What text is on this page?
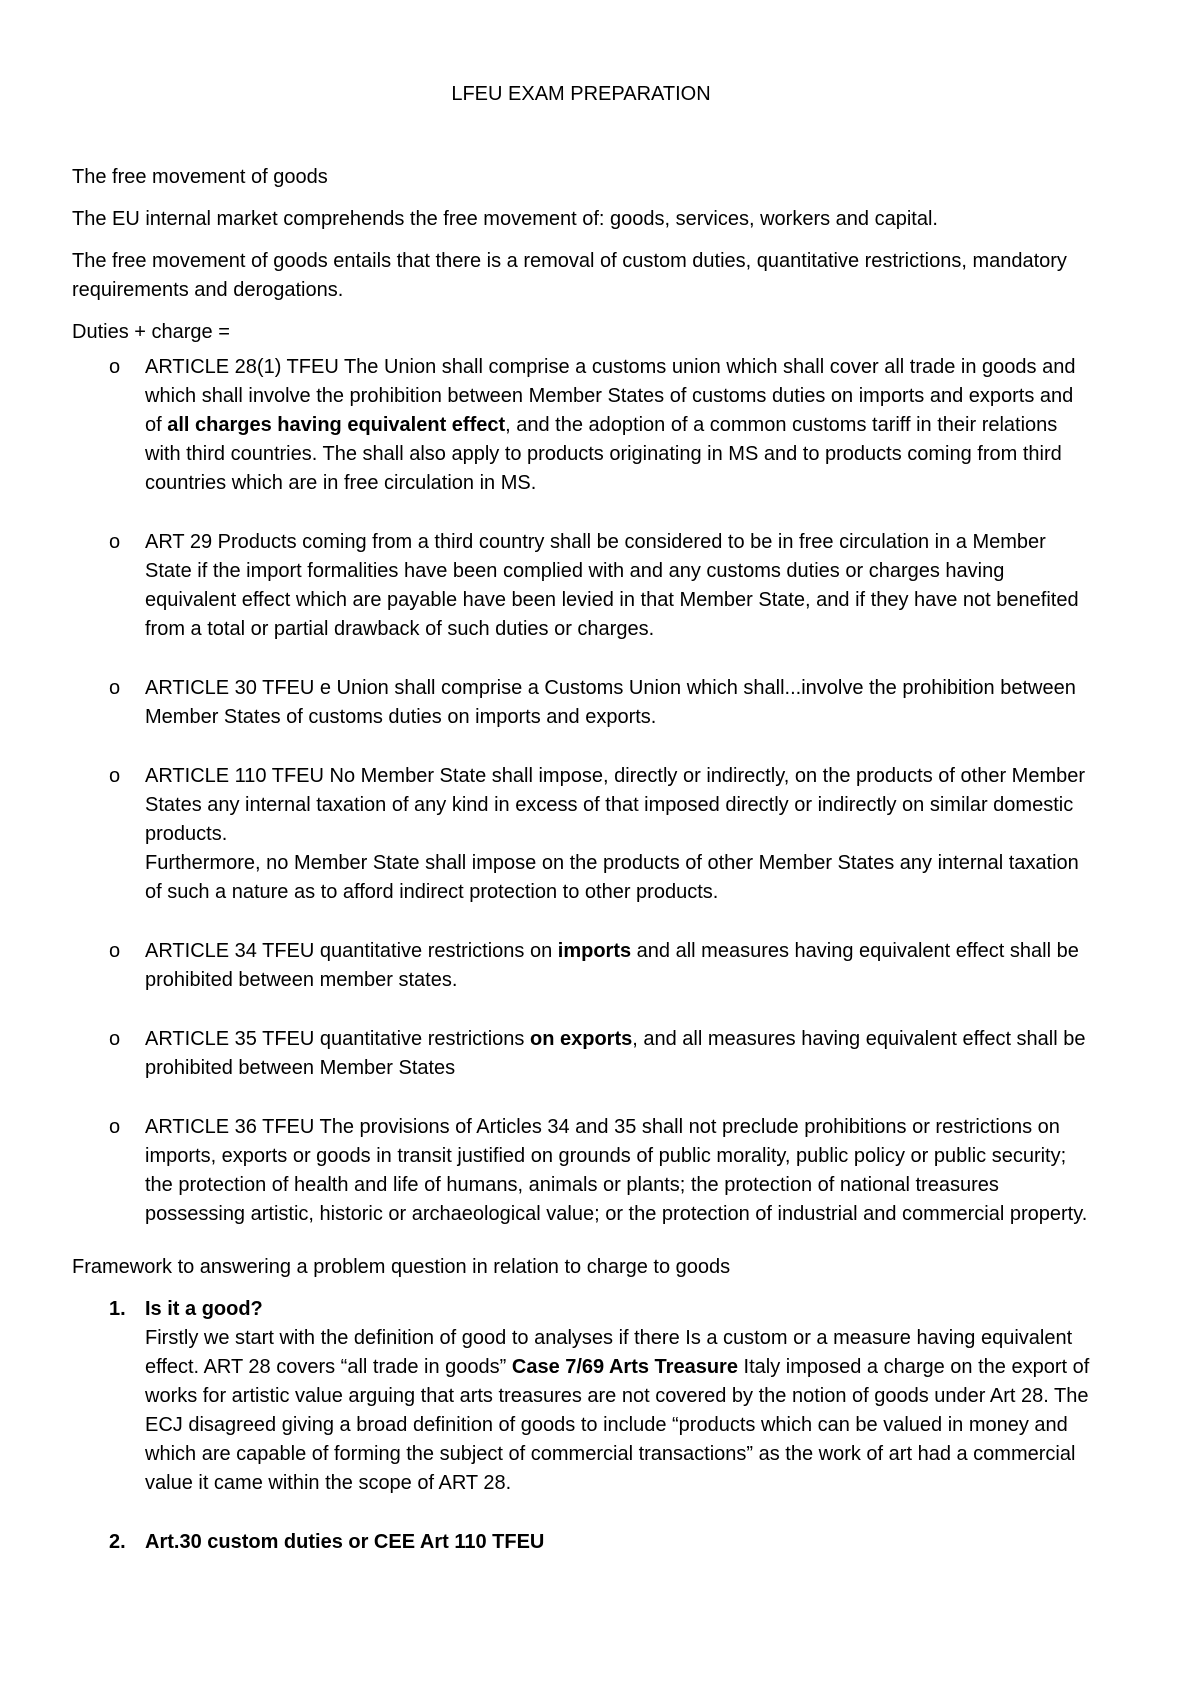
LFEU EXAM PREPARATION

The free movement of goods

The EU internal market comprehends the free movement of: goods, services, workers and capital.

The free movement of goods entails that there is a removal of custom duties, quantitative restrictions, mandatory requirements and derogations.

Duties + charge =

o ARTICLE 28(1) TFEU The Union shall comprise a customs union which shall cover all trade in goods and which shall involve the prohibition between Member States of customs duties on imports and exports and of all charges having equivalent effect, and the adoption of a common customs tariff in their relations with third countries. The shall also apply to products originating in MS and to products coming from third countries which are in free circulation in MS.
o ART 29 Products coming from a third country shall be considered to be in free circulation in a Member State if the import formalities have been complied with and any customs duties or charges having equivalent effect which are payable have been levied in that Member State, and if they have not benefited from a total or partial drawback of such duties or charges.
o ARTICLE 30 TFEU e Union shall comprise a Customs Union which shall...involve the prohibition between Member States of customs duties on imports and exports.
o ARTICLE 110 TFEU No Member State shall impose, directly or indirectly, on the products of other Member States any internal taxation of any kind in excess of that imposed directly or indirectly on similar domestic products.
Furthermore, no Member State shall impose on the products of other Member States any internal taxation of such a nature as to afford indirect protection to other products.
o ARTICLE 34 TFEU quantitative restrictions on imports and all measures having equivalent effect shall be prohibited between member states.
o ARTICLE 35 TFEU quantitative restrictions on exports, and all measures having equivalent effect shall be prohibited between Member States
o ARTICLE 36 TFEU The provisions of Articles 34 and 35 shall not preclude prohibitions or restrictions on imports, exports or goods in transit justified on grounds of public morality, public policy or public security; the protection of health and life of humans, animals or plants; the protection of national treasures possessing artistic, historic or archaeological value; or the protection of industrial and commercial property.

Framework to answering a problem question in relation to charge to goods

1. Is it a good?
Firstly we start with the definition of good to analyses if there Is a custom or a measure having equivalent effect. ART 28 covers “all trade in goods” Case 7/69 Arts Treasure Italy imposed a charge on the export of works for artistic value arguing that arts treasures are not covered by the notion of goods under Art 28. The ECJ disagreed giving a broad definition of goods to include “products which can be valued in money and which are capable of forming the subject of commercial transactions” as the work of art had a commercial value it came within the scope of ART 28.
2. Art.30 custom duties or CEE Art 110 TFEU
